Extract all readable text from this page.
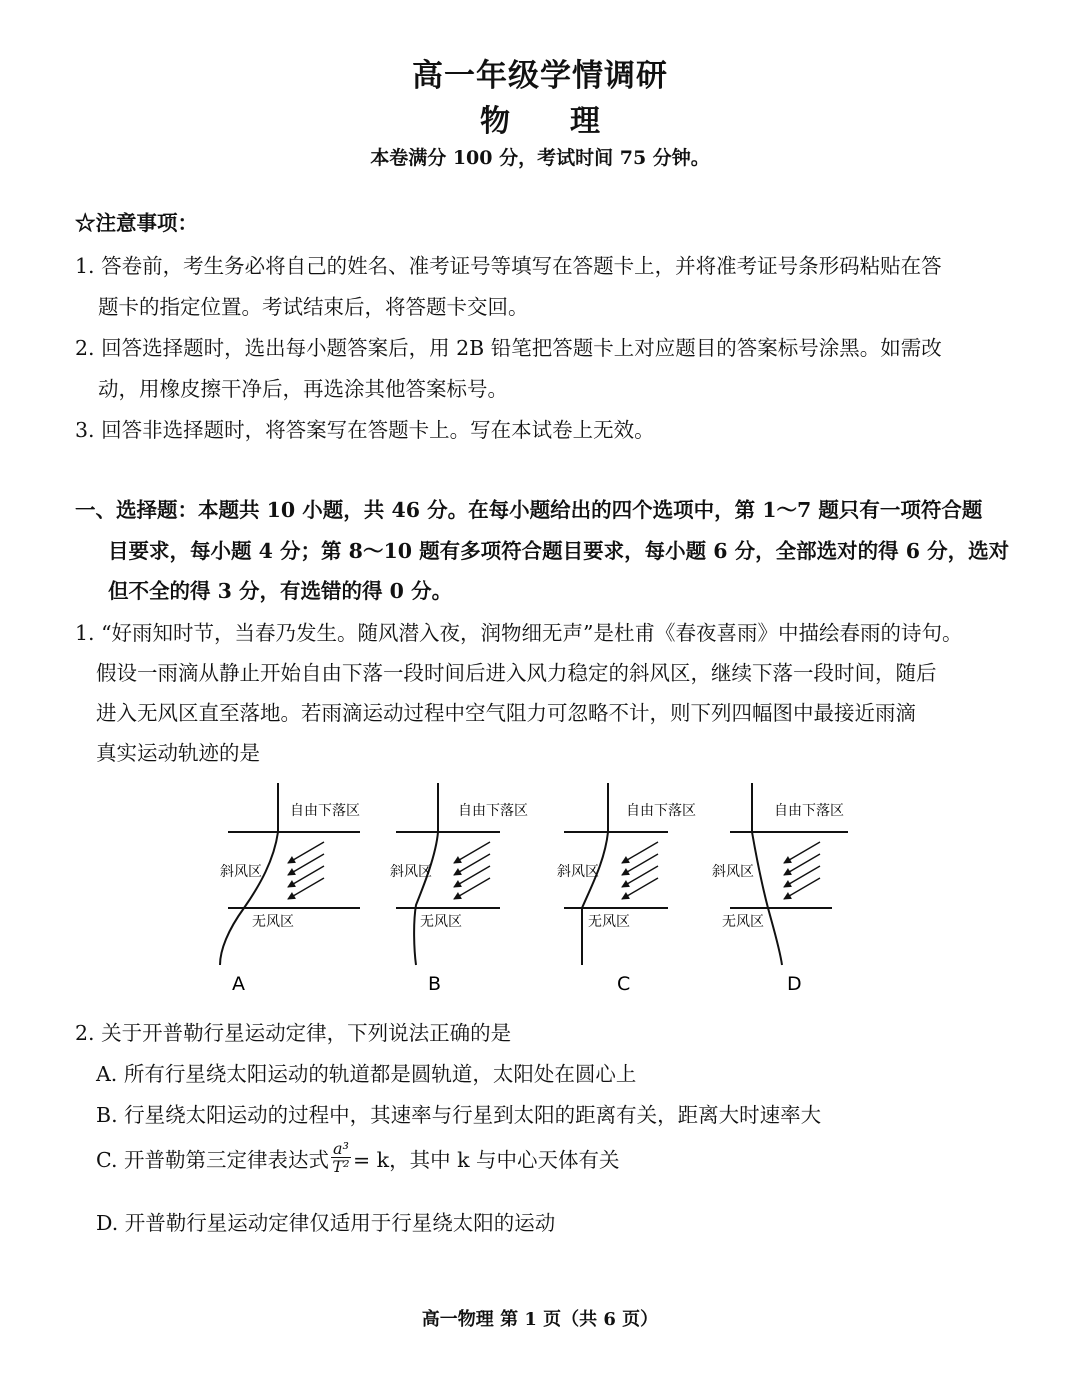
高一年级学情调研
物理
本卷满分 100 分，考试时间 75 分钟。
☆注意事项：
1. 答卷前，考生务必将自己的姓名、准考证号等填写在答题卡上，并将准考证号条形码粘贴在答
题卡的指定位置。考试结束后，将答题卡交回。
2. 回答选择题时，选出每小题答案后，用 2B 铅笔把答题卡上对应题目的答案标号涂黑。如需改
动，用橡皮擦干净后，再选涂其他答案标号。
3. 回答非选择题时，将答案写在答题卡上。写在本试卷上无效。
一、选择题：本题共 10 小题，共 46 分。在每小题给出的四个选项中，第 1～7 题只有一项符合题
目要求，每小题 4 分；第 8～10 题有多项符合题目要求，每小题 6 分，全部选对的得 6 分，选对
但不全的得 3 分，有选错的得 0 分。
1. “好雨知时节，当春乃发生。随风潜入夜，润物细无声”是杜甫《春夜喜雨》中描绘春雨的诗句。
假设一雨滴从静止开始自由下落一段时间后进入风力稳定的斜风区，继续下落一段时间，随后
进入无风区直至落地。若雨滴运动过程中空气阻力可忽略不计，则下列四幅图中最接近雨滴
真实运动轨迹的是
自由下落区
斜风区
无风区
A
自由下落区
斜风区
无风区
B
自由下落区
斜风区
无风区
C
自由下落区
斜风区
无风区
D
2. 关于开普勒行星运动定律，下列说法正确的是
A. 所有行星绕太阳运动的轨道都是圆轨道，太阳处在圆心上
B. 行星绕太阳运动的过程中，其速率与行星到太阳的距离有关，距离大时速率大
C. 开普勒第三定律表达式 $\frac{\text{a³}}{\text{T²}} = k$，其中 k 与中心天体有关
D. 开普勒行星运动定律仅适用于行星绕太阳的运动
高一物理 第 1 页（共 6 页）
